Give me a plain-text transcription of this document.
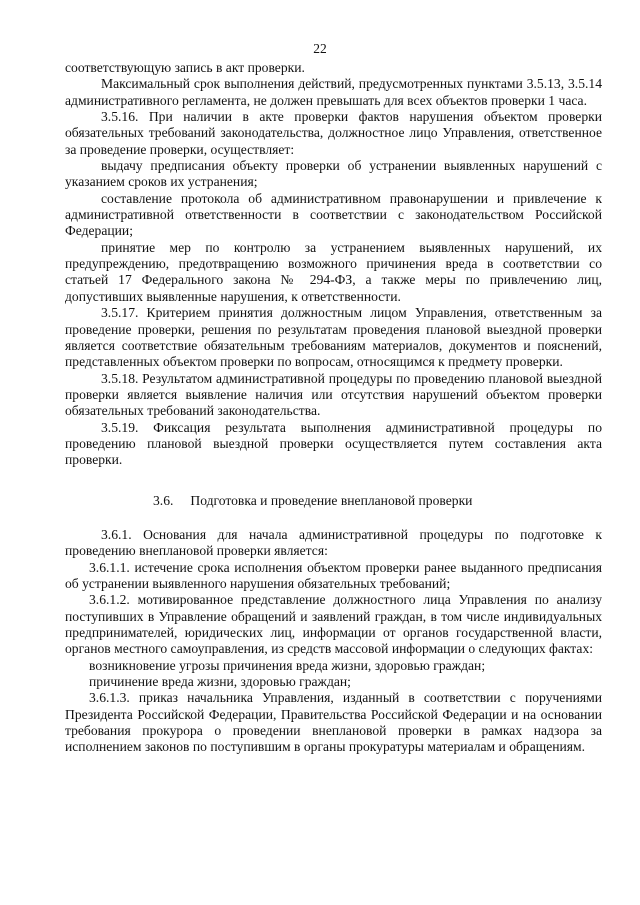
22

соответствующую запись в акт проверки.

Максимальный срок выполнения действий, предусмотренных пунктами 3.5.13, 3.5.14 административного регламента, не должен превышать для всех объектов проверки 1 часа.

3.5.16. При наличии в акте проверки фактов нарушения объектом проверки обязательных требований законодательства, должностное лицо Управления, ответственное за проведение проверки, осуществляет:

выдачу предписания объекту проверки об устранении выявленных нарушений с указанием сроков их устранения;

составление протокола об административном правонарушении и привлечение к административной ответственности в соответствии с законодательством Российской Федерации;

принятие мер по контролю за устранением выявленных нарушений, их предупреждению, предотвращению возможного причинения вреда в соответствии со статьей 17 Федерального закона № 294-ФЗ, а также меры по привлечению лиц, допустивших выявленные нарушения, к ответственности.

3.5.17. Критерием принятия должностным лицом Управления, ответственным за проведение проверки, решения по результатам проведения плановой выездной проверки является соответствие обязательным требованиям материалов, документов и пояснений, представленных объектом проверки по вопросам, относящимся к предмету проверки.

3.5.18. Результатом административной процедуры по проведению плановой выездной проверки является выявление наличия или отсутствия нарушений объектом проверки обязательных требований законодательства.

3.5.19. Фиксация результата выполнения административной процедуры по проведению плановой выездной проверки осуществляется путем составления акта проверки.

3.6.     Подготовка и проведение внеплановой проверки

3.6.1. Основания для начала административной процедуры по подготовке к проведению внеплановой проверки является:

3.6.1.1. истечение срока исполнения объектом проверки ранее выданного предписания об устранении выявленного нарушения обязательных требований;

3.6.1.2. мотивированное представление должностного лица Управления по анализу поступивших в Управление обращений и заявлений граждан, в том числе индивидуальных предпринимателей, юридических лиц, информации от органов государственной власти, органов местного самоуправления, из средств массовой информации о следующих фактах:

возникновение угрозы причинения вреда жизни, здоровью граждан;

причинение вреда жизни, здоровью граждан;

3.6.1.3. приказ начальника Управления, изданный в соответствии с поручениями Президента Российской Федерации, Правительства Российской Федерации и на основании требования прокурора о проведении внеплановой проверки в рамках надзора за исполнением законов по поступившим в органы прокуратуры материалам и обращениям.
